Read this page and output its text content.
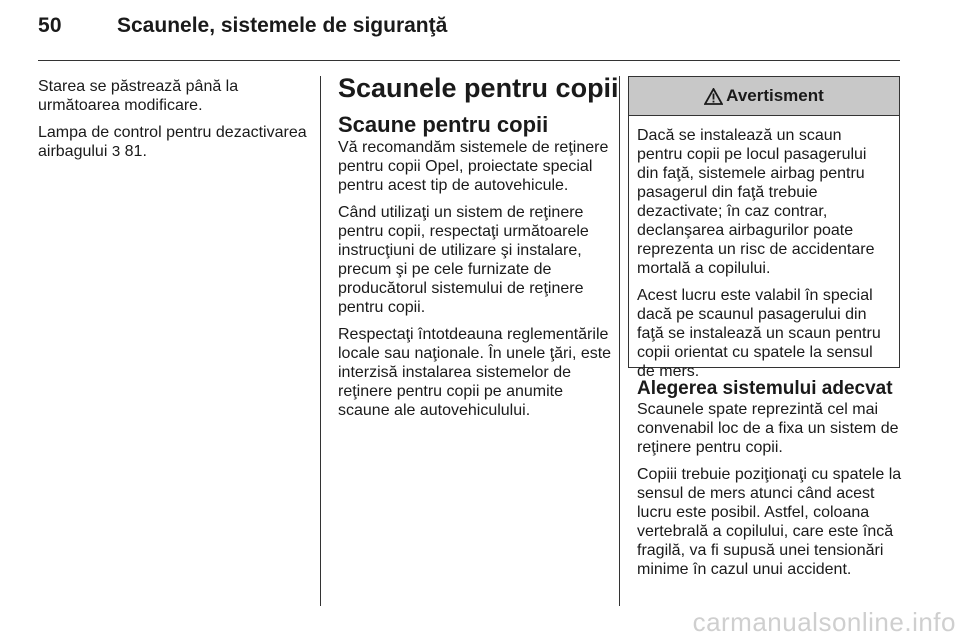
50	Scaunele, sistemele de siguranţă

Starea se păstrează până la următoarea modificare.

Lampa de control pentru dezactivarea airbagului 3 81.

Scaunele pentru copii
Scaune pentru copii

Vă recomandăm sistemele de reţinere pentru copii Opel, proiectate special pentru acest tip de autovehicule.

Când utilizaţi un sistem de reţinere pentru copii, respectaţi următoarele instrucţiuni de utilizare şi instalare, precum şi pe cele furnizate de producătorul sistemului de reţinere pentru copii.

Respectaţi întotdeauna reglementările locale sau naţionale. În unele ţări, este interzisă instalarea sistemelor de reţinere pentru copii pe anumite scaune ale autovehiculului.

Avertisment

Dacă se instalează un scaun pentru copii pe locul pasagerului din faţă, sistemele airbag pentru pasagerul din faţă trebuie dezactivate; în caz contrar, declanşarea airbagurilor poate reprezenta un risc de accidentare mortală a copilului.

Acest lucru este valabil în special dacă pe scaunul pasagerului din faţă se instalează un scaun pentru copii orientat cu spatele la sensul de mers.

Alegerea sistemului adecvat

Scaunele spate reprezintă cel mai convenabil loc de a fixa un sistem de reţinere pentru copii.

Copiii trebuie poziţionaţi cu spatele la sensul de mers atunci când acest lucru este posibil. Astfel, coloana vertebrală a copilului, care este încă fragilă, va fi supusă unei tensionări minime în cazul unui accident.

carmanualsonline.info
